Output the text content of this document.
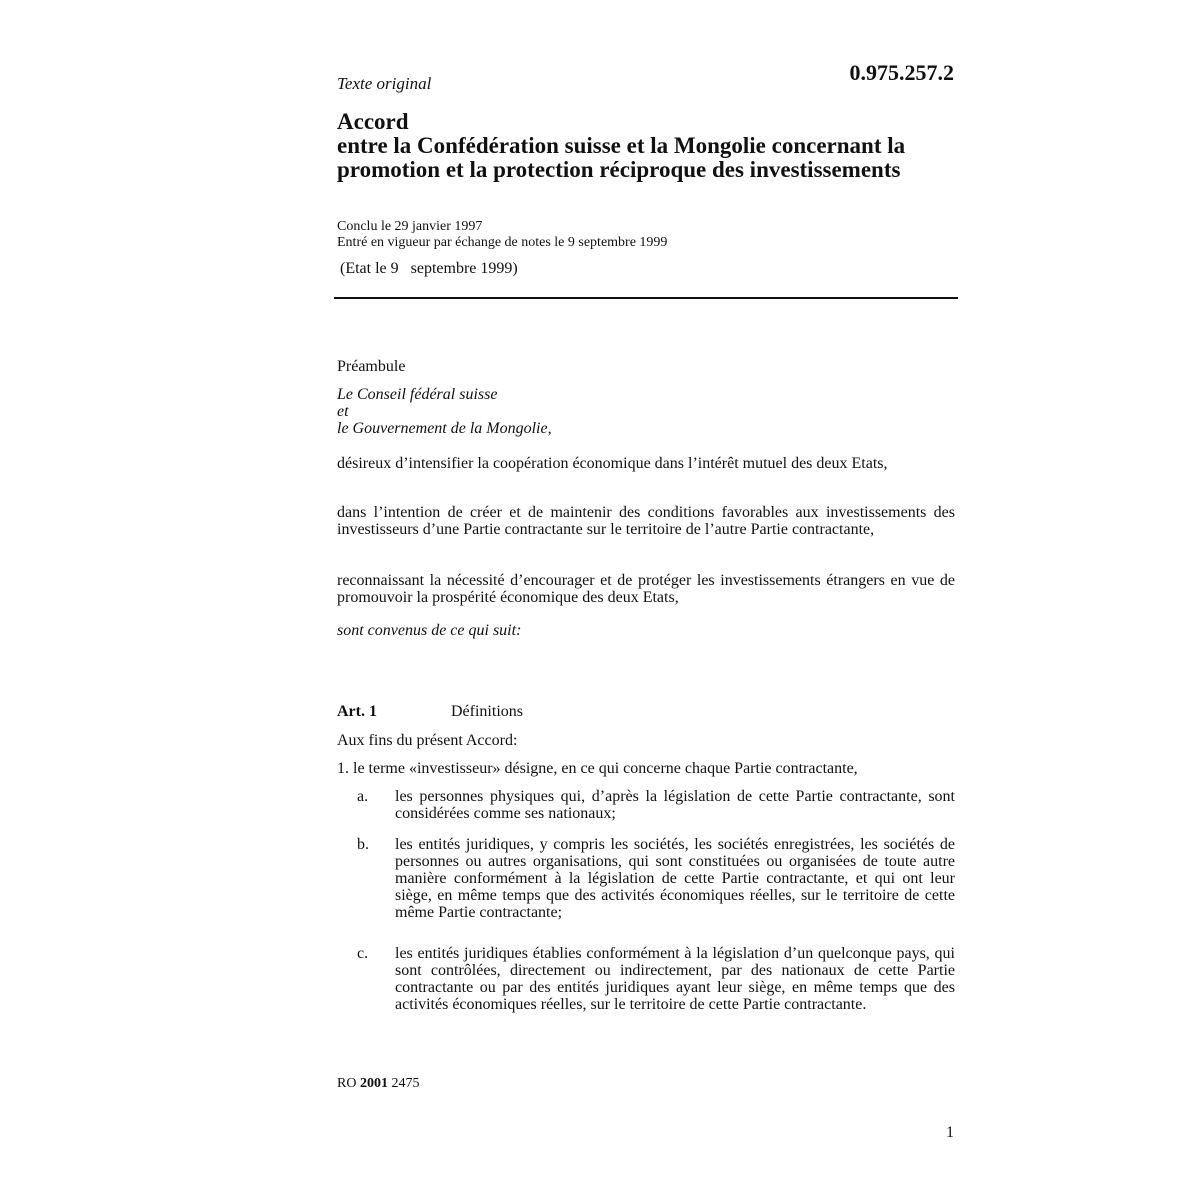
Texte original	0.975.257.2
Accord
entre la Confédération suisse et la Mongolie concernant la
promotion et la protection réciproque des investissements
Conclu le 29 janvier 1997
Entré en vigueur par échange de notes le 9 septembre 1999
(Etat le 9   septembre 1999)
Préambule
Le Conseil fédéral suisse
et
le Gouvernement de la Mongolie,
désireux d’intensifier la coopération économique dans l’intérêt mutuel des deux Etats,
dans l’intention de créer et de maintenir des conditions favorables aux investissements des investisseurs d’une Partie contractante sur le territoire de l’autre Partie contractante,
reconnaissant la nécessité d’encourager et de protéger les investissements étrangers en vue de promouvoir la prospérité économique des deux Etats,
sont convenus de ce qui suit:
Art. 1	Définitions
Aux fins du présent Accord:
1. le terme «investisseur» désigne, en ce qui concerne chaque Partie contractante,
a.	les personnes physiques qui, d’après la législation de cette Partie contractante, sont considérées comme ses nationaux;
b.	les entités juridiques, y compris les sociétés, les sociétés enregistrées, les sociétés de personnes ou autres organisations, qui sont constituées ou organisées de toute autre manière conformément à la législation de cette Partie contractante, et qui ont leur siège, en même temps que des activités économiques réelles, sur le territoire de cette même Partie contractante;
c.	les entités juridiques établies conformément à la législation d’un quelconque pays, qui sont contrôlées, directement ou indirectement, par des nationaux de cette Partie contractante ou par des entités juridiques ayant leur siège, en même temps que des activités économiques réelles, sur le territoire de cette Partie contractante.
RO 2001 2475
1
